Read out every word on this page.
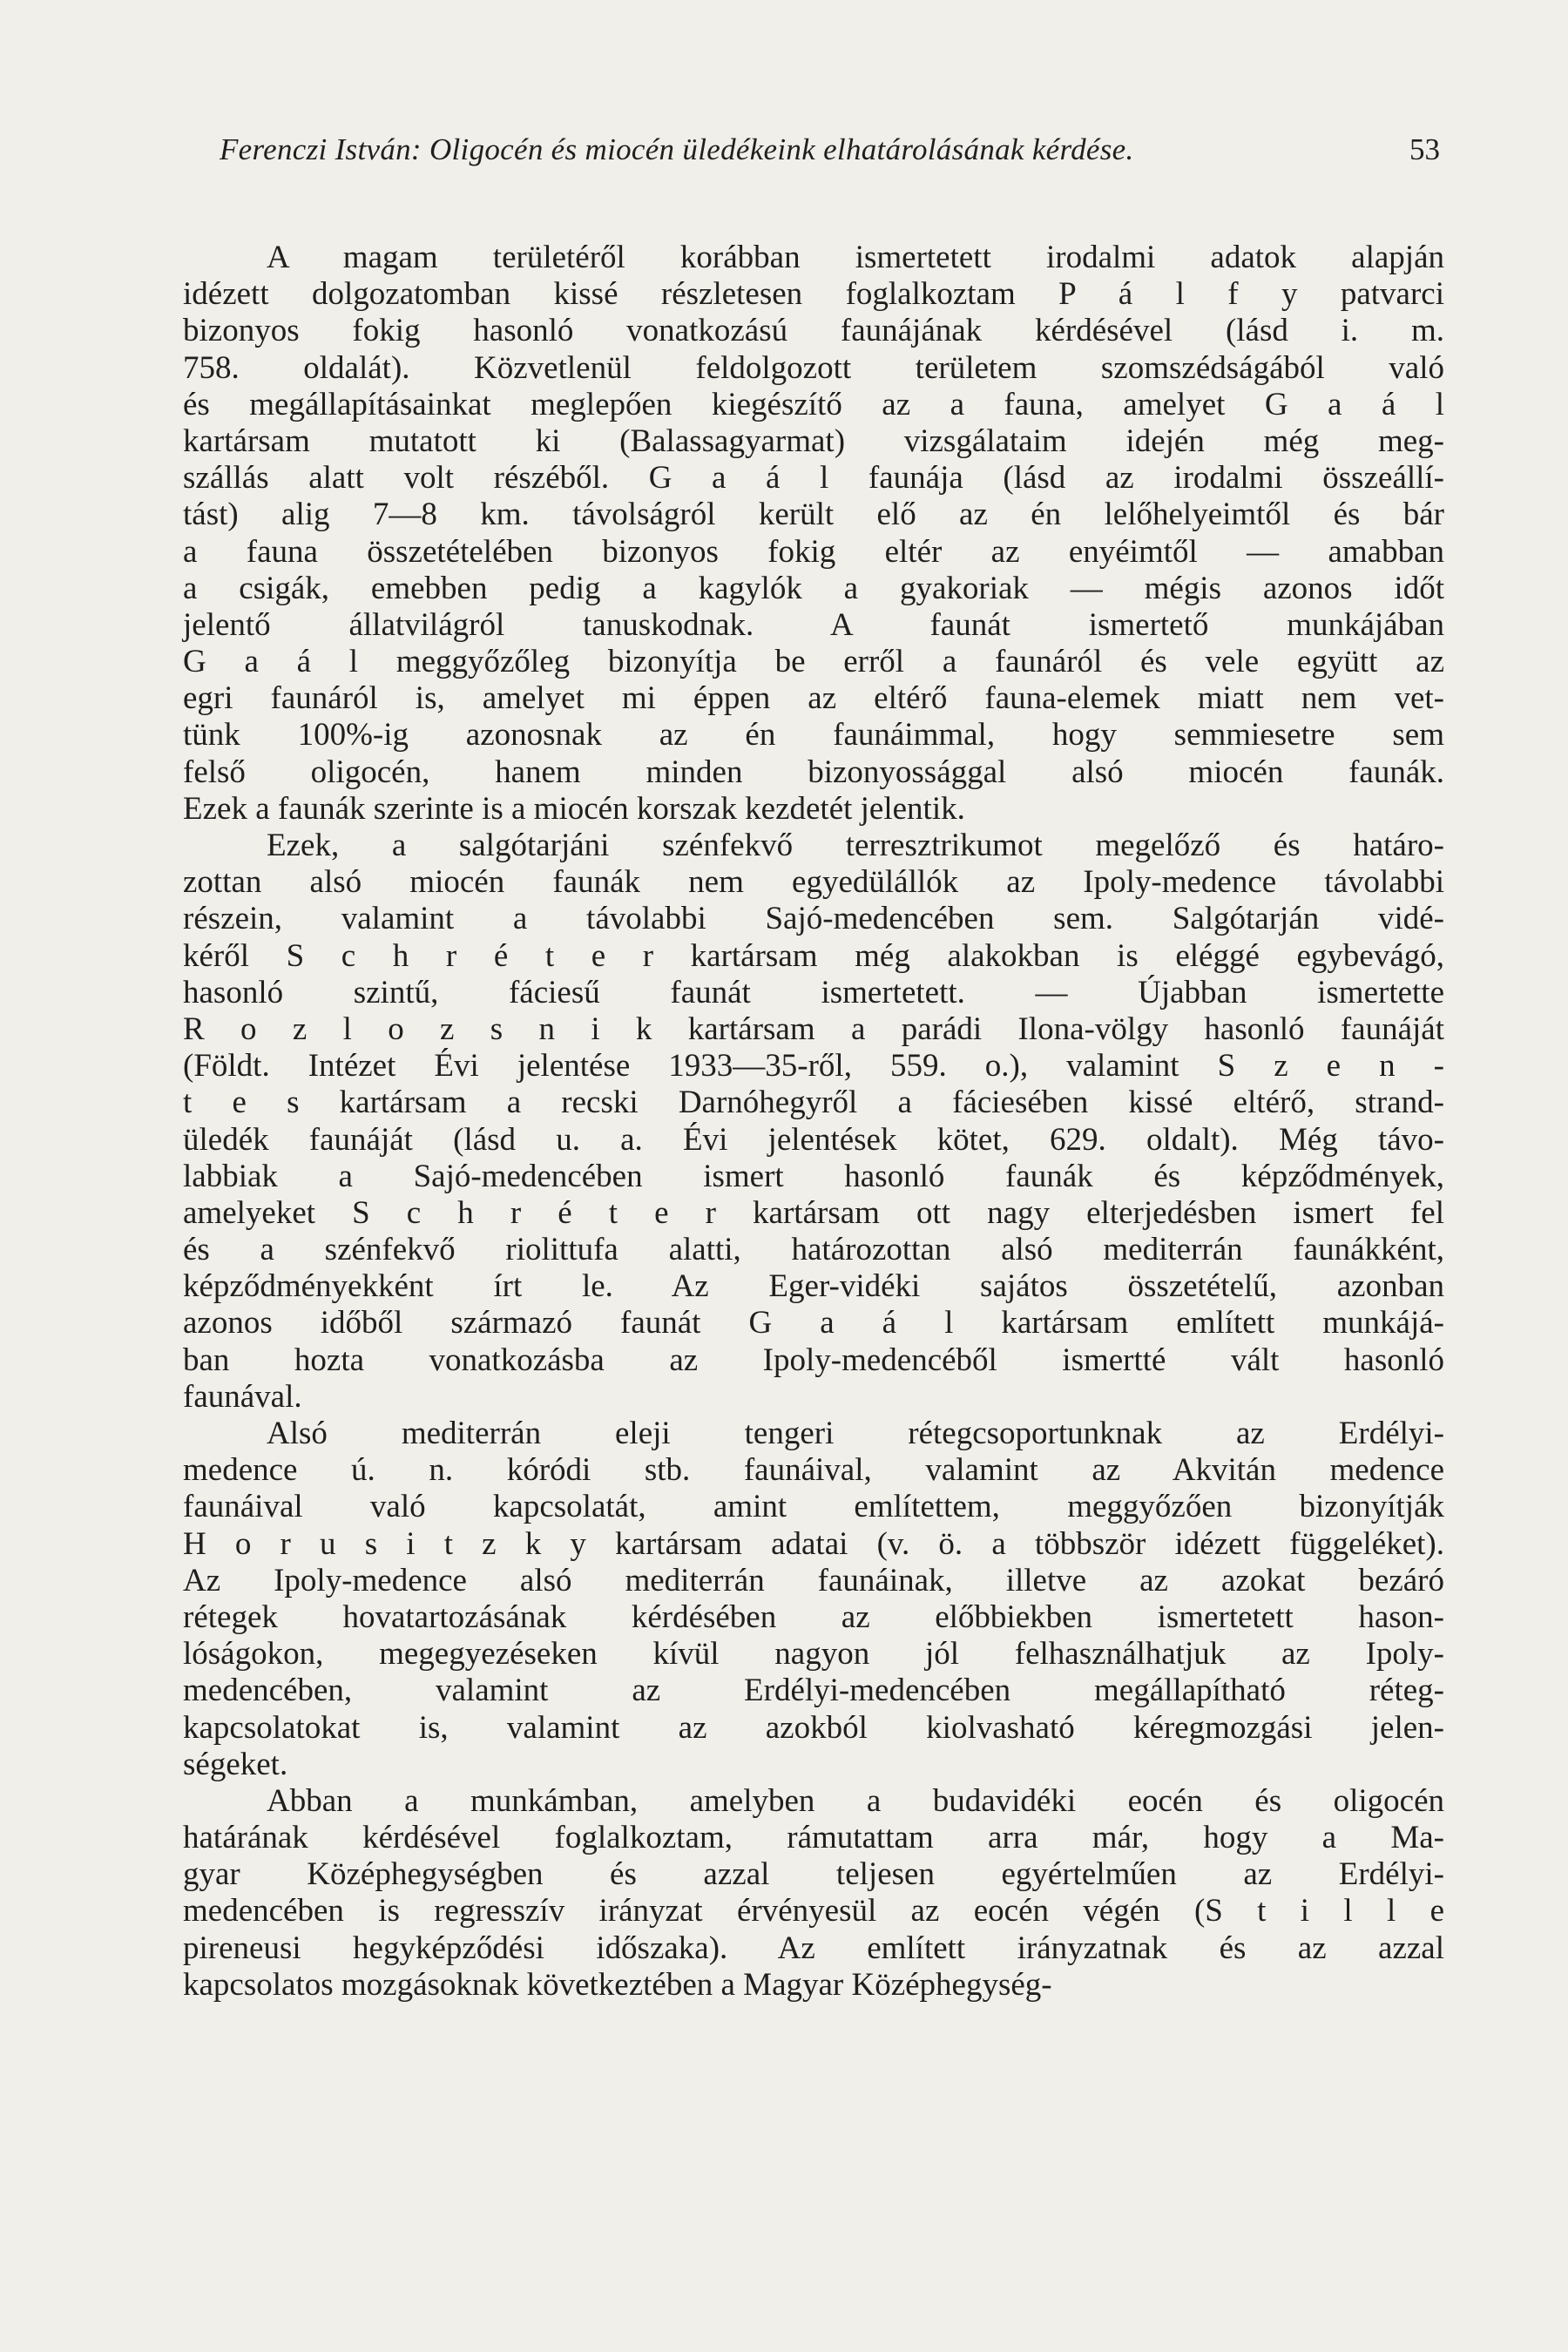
Ferenczi István: Oligocén és miocén üledékeink elhatárolásának kérdése.	53
A magam területéről korábban ismertetett irodalmi adatok alapján
idézett dolgozatomban kissé részletesen foglalkoztam P á l f y patvarci
bizonyos fokig hasonló vonatkozású faunájának kérdésével (lásd i. m.
758. oldalát). Közvetlenül feldolgozott területem szomszédságából való
és megállapításainkat meglepően kiegészítő az a fauna, amelyet G a á l
kartársam mutatott ki (Balassagyarmat) vizsgálataim idején még meg-
szállás alatt volt részéből. G a á l faunája (lásd az irodalmi összeállí-
tást) alig 7—8 km. távolságról került elő az én lelőhelyeimtől és bár
a fauna összetételében bizonyos fokig eltér az enyéimtől — amabban
a csigák, emebben pedig a kagylók a gyakoriak — mégis azonos időt
jelentő állatvilágról tanuskodnak. A faunát ismertető munkájában
G a á l meggyőzőleg bizonyítja be erről a faunáról és vele együtt az
egri faunáról is, amelyet mi éppen az eltérő fauna-elemek miatt nem vet-
tünk 100%-ig azonosnak az én faunáimmal, hogy semmiesetre sem
felső oligocén, hanem minden bizonyossággal alsó miocén faunák.
Ezek a faunák szerinte is a miocén korszak kezdetét jelentik.
Ezek, a salgótarjáni szénfekvő terresztrikumot megelőző és határo-
zottan alsó miocén faunák nem egyedülállók az Ipoly-medence távolabbi
részein, valamint a távolabbi Sajó-medencében sem. Salgótarján vidé-
kéről S c h r é t e r kartársam még alakokban is eléggé egybevágó,
hasonló szintű, fáciesű faunát ismertetett. — Újabban ismertette
R o z l o z s n i k kartársam a parádi Ilona-völgy hasonló faunáját
(Földt. Intézet Évi jelentése 1933—35-ről, 559. o.), valamint S z e n -
t e s kartársam a recski Darnóhegyről a fáciesében kissé eltérő, strand-
üledék faunáját (lásd u. a. Évi jelentések kötet, 629. oldalt). Még távo-
labbiak a Sajó-medencében ismert hasonló faunák és képződmények,
amelyeket S c h r é t e r kartársam ott nagy elterjedésben ismert fel
és a szénfekvő riolittufa alatti, határozottan alsó mediterrán faunákként,
képződményekként írt le. Az Eger-vidéki sajátos összetételű, azonban
azonos időből származó faunát G a á l kartársam említett munkájá-
ban hozta vonatkozásba az Ipoly-medencéből ismertté vált hasonló
faunával.
Alsó mediterrán eleji tengeri rétegcsoportunknak az Erdélyi-
medence ú. n. kóródi stb. faunáival, valamint az Akvitán medence
faunáival való kapcsolatát, amint említettem, meggyőzően bizonyítják
H o r u s i t z k y kartársam adatai (v. ö. a többször idézett függeléket).
Az Ipoly-medence alsó mediterrán faunáinak, illetve az azokat bezáró
rétegek hovatartozásának kérdésében az előbbiekben ismertetett hason-
lóságokon, megegyezéseken kívül nagyon jól felhasználhatjuk az Ipoly-
medencében, valamint az Erdélyi-medencében megállapítható réteg-
kapcsolatokat is, valamint az azokból kiolvasható kéregmozgási jelen-
ségeket.
Abban a munkámban, amelyben a budavidéki eocén és oligocén
határának kérdésével foglalkoztam, rámutattam arra már, hogy a Ma-
gyar Középhegységben és azzal teljesen egyértelműen az Erdélyi-
medencében is regresszív irányzat érvényesül az eocén végén (S t i l l e
pireneusi hegyképződési időszaka). Az említett irányzatnak és az azzal
kapcsolatos mozgásoknak következtében a Magyar Középhegység-
